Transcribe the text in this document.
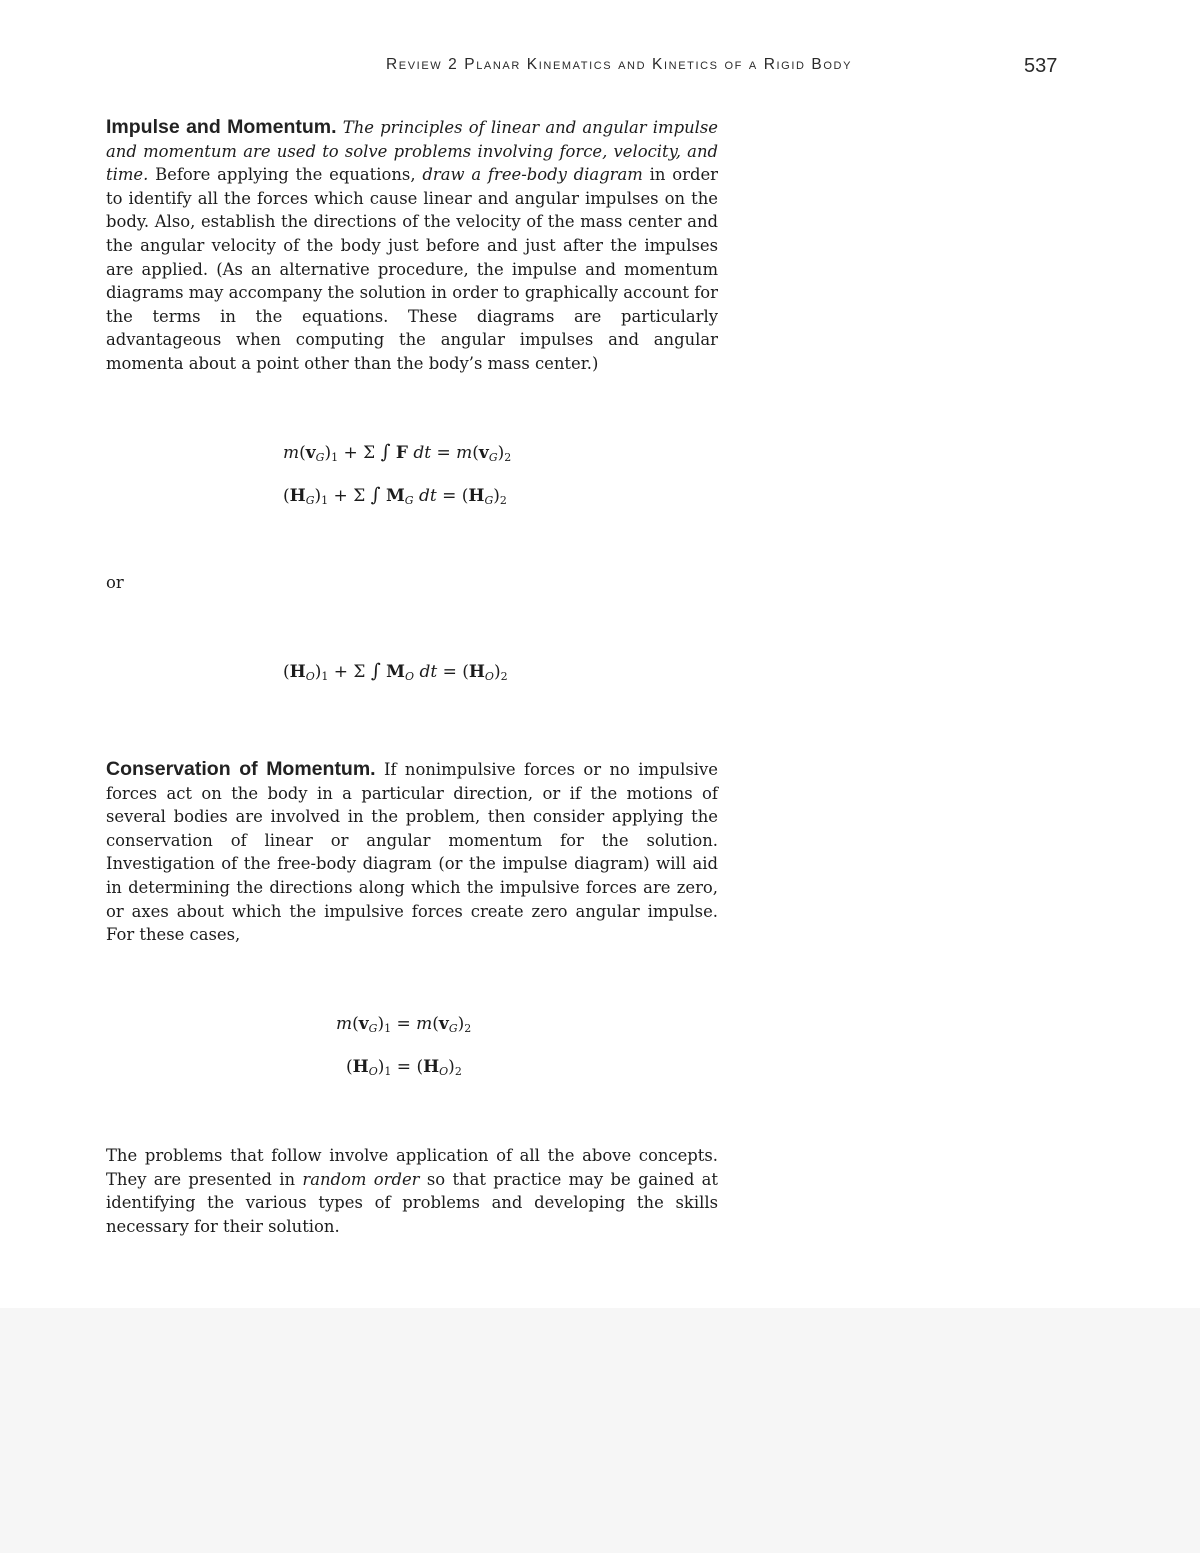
Review 2 Planar Kinematics and Kinetics of a Rigid Body	537

Impulse and Momentum. The principles of linear and angular impulse and momentum are used to solve problems involving force, velocity, and time. Before applying the equations, draw a free-body diagram in order to identify all the forces which cause linear and angular impulses on the body. Also, establish the directions of the velocity of the mass center and the angular velocity of the body just before and just after the impulses are applied. (As an alternative procedure, the impulse and momentum diagrams may accompany the solution in order to graphically account for the terms in the equations. These diagrams are particularly advantageous when computing the angular impulses and angular momenta about a point other than the body’s mass center.)

$m(v_G)_1 + \Sigma$ ∫ F dt = $m(v_G)_2$
$(H_G)_1 + \Sigma$ ∫ $M_G$ dt = $(H_G)_2$
or
$(H_O)_1 + \Sigma$ ∫ $M_O$ dt = $(H_O)_2$

Conservation of Momentum. If nonimpulsive forces or no impulsive forces act on the body in a particular direction, or if the motions of several bodies are involved in the problem, then consider applying the conservation of linear or angular momentum for the solution. Investigation of the free-body diagram (or the impulse diagram) will aid in determining the directions along which the impulsive forces are zero, or axes about which the impulsive forces create zero angular impulse. For these cases,

$m(v_G)_1 = m(v_G)_2$
$(H_O)_1 = (H_O)_2$

The problems that follow involve application of all the above concepts. They are presented in random order so that practice may be gained at identifying the various types of problems and developing the skills necessary for their solution.
